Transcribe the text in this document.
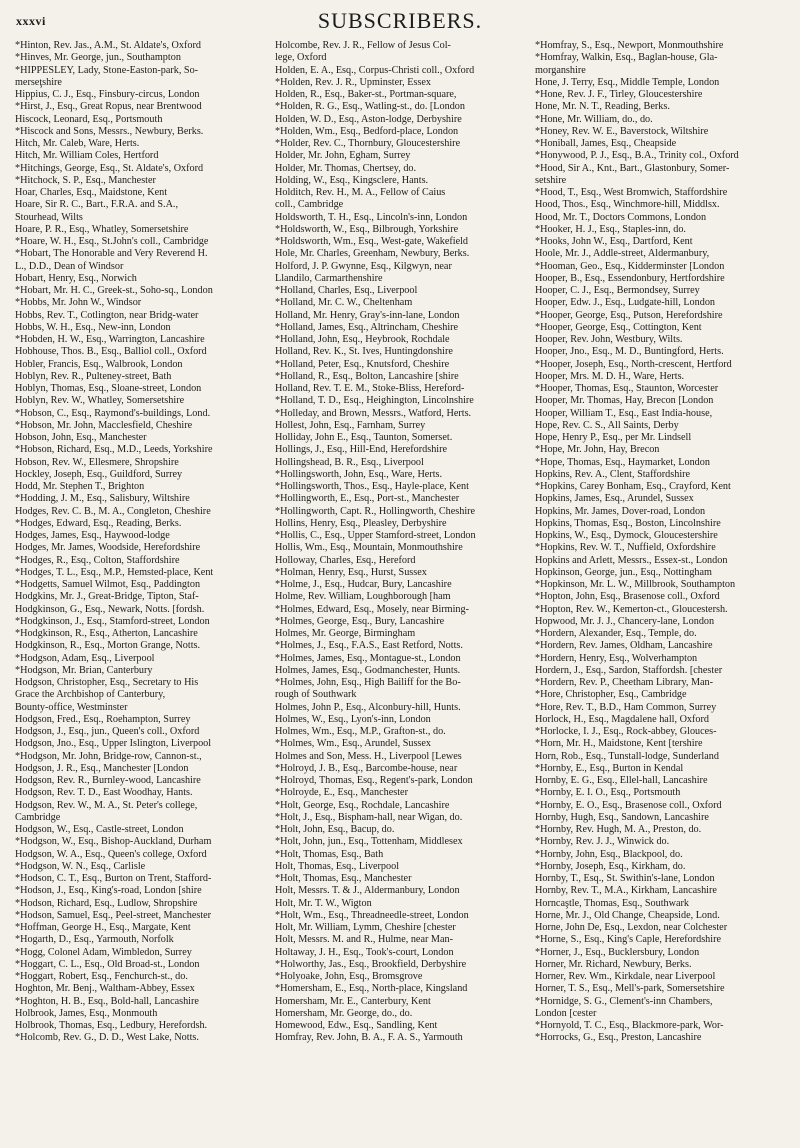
xxxvi	SUBSCRIBERS.
*Hinton, Rev. Jas., A.M., St. Aldate's, Oxford
*Hinves, Mr. George, jun., Southampton
*HIPPESLEY, Lady, Stone-Easton-park, So-
merseţshire
Hippius, C. J., Esq., Finsbury-circus, London
*Hirst, J., Esq., Great Ropus, near Brentwood
Hiscock, Leonard, Esq., Portsmouth
*Hiscock and Sons, Messrs., Newbury, Berks.
Hitch, Mr. Caleb, Ware, Herts.
Hitch, Mr. William Coles, Hertford
*Hitchings, George, Esq., St. Aldate's, Oxford
*Hitchock, S. P., Esq., Manchester
Hoar, Charles, Esq., Maidstone, Kent
Hoare, Sir R. C., Bart., F.R.A. and S.A.,
Stourhead, Wilts
Hoare, P. R., Esq., Whatley, Somersetshire
*Hoare, W. H., Esq., St.John's coll., Cambridge
*Hobart, The Honorable and Very Reverend H.
L., D.D., Dean of Windsor
Hobart, Henry, Esq., Norwich
*Hobart, Mr. H. C., Greek-st., Soho-sq., London
*Hobbs, Mr. John W., Windsor
Hobbs, Rev. T., Cotlington, near Bridg-water
Hobbs, W. H., Esq., New-inn, London
*Hobden, H. W., Esq., Warrington, Lancashire
Hobhouse, Thos. B., Esq., Balliol coll., Oxford
Hobler, Francis, Esq., Walbrook, London
Hoblyn, Rev. R., Pulteney-street, Bath
Hoblyn, Thomas, Esq., Sloane-street, London
Hoblyn, Rev. W., Whatley, Somersetshire
*Hobson, C., Esq., Raymond's-buildings, Lond.
*Hobson, Mr. John, Macclesfield, Cheshire
Hobson, John, Esq., Manchester
*Hobson, Richard, Esq., M.D., Leeds, Yorkshire
Hobson, Rev. W., Ellesmere, Shropshire
Hockley, Joseph, Esq., Guildford, Surrey
Hodd, Mr. Stephen T., Brighton
*Hodding, J. M., Esq., Salisbury, Wiltshire
Hodges, Rev. C. B., M. A., Congleton, Cheshire
*Hodges, Edward, Esq., Reading, Berks.
Hodges, James, Esq., Haywood-lodge
Hodges, Mr. James, Woodside, Herefordshire
*Hodges, R., Esq., Colton, Staffordshire
*Hodges, T. L., Esq., M.P., Hemsted-place, Kent
*Hodgetts, Samuel Wilmot, Esq., Paddington
Hodgkins, Mr. J., Great-Bridge, Tipton, Staf-
Hodgkinson, G., Esq., Newark, Notts. [fordsh.
*Hodgkinson, J., Esq., Stamford-street, London
*Hodgkinson, R., Esq., Atherton, Lancashire
Hodgkinson, R., Esq., Morton Grange, Notts.
*Hodgson, Adam, Esq., Liverpool
*Hodgson, Mr. Brian, Canterbury
Hodgson, Christopher, Esq., Secretary to His
Grace the Archbishop of Canterbury,
Bounty-office, Westminster
Hodgson, Fred., Esq., Roehampton, Surrey
Hodgson, J., Esq., jun., Queen's coll., Oxford
Hodgson, Jno., Esq., Upper Islington, Liverpool
*Hodgson, Mr. John, Bridge-row, Cannon-st.,
Hodgson, J. R., Esq., Manchester [London
Hodgson, Rev. R., Burnley-wood, Lancashire
Hodgson, Rev. T. D., East Woodhay, Hants.
Hodgson, Rev. W., M. A., St. Peter's college,
Cambridge
Hodgson, W., Esq., Castle-street, London
*Hodgson, W., Esq., Bishop-Auckland, Durham
Hodgson, W. A., Esq., Queen's college, Oxford
*Hodgson, W. N., Esq., Carlisle
*Hodson, C. T., Esq., Burton on Trent, Stafford-
*Hodson, J., Esq., King's-road, London [shire
*Hodson, Richard, Esq., Ludlow, Shropshire
*Hodson, Samuel, Esq., Peel-street, Manchester
*Hoffman, George H., Esq., Margate, Kent
*Hogarth, D., Esq., Yarmouth, Norfolk
*Hogg, Colonel Adam, Wimbledon, Surrey
*Hoggart, C. L., Esq., Old Broad-st., London
*Hoggart, Robert, Esq., Fenchurch-st., do.
Hoghton, Mr. Benj., Waltham-Abbey, Essex
*Hoghton, H. B., Esq., Bold-hall, Lancashire
Holbrook, James, Esq., Monmouth
Holbrook, Thomas, Esq., Ledbury, Herefordsh.
*Holcomb, Rev. G., D. D., West Lake, Notts.
Holcombe, Rev. J. R., Fellow of Jesus Col-
lege, Oxford
Holden, E. A., Esq., Corpus-Christi coll., Oxford
*Holden, Rev. J. R., Upminster, Essex
Holden, R., Esq., Baker-st., Portman-square,
*Holden, R. G., Esq., Watling-st., do. [London
Holden, W. D., Esq., Aston-lodge, Derbyshire
*Holden, Wm., Esq., Bedford-place, London
*Holder, Rev. C., Thornbury, Gloucestershire
Holder, Mr. John, Egham, Surrey
Holder, Mr. Thomas, Chertsey, do.
Holding, W., Esq., Kingsclere, Hants.
Holditch, Rev. H., M. A., Fellow of Caius
coll., Cambridge
Holdsworth, T. H., Esq., Lincoln's-inn, London
*Holdsworth, W., Esq., Bilbrough, Yorkshire
*Holdsworth, Wm., Esq., West-gate, Wakefield
Hole, Mr. Charles, Greenham, Newbury, Berks.
Holford, J. P. Gwynne, Esq., Kilgwyn, near
Llandilo, Carmarthenshire
*Holland, Charles, Esq., Liverpool
*Holland, Mr. C. W., Cheltenham
Holland, Mr. Henry, Gray's-inn-lane, London
*Holland, James, Esq., Altrincham, Cheshire
*Holland, John, Esq., Heybrook, Rochdale
Holland, Rev. K., St. Ives, Huntingdonshire
*Holland, Peter, Esq., Knutsford, Cheshire
*Holland, R., Esq., Bolton, Lancashire [shire
Holland, Rev. T. E. M., Stoke-Bliss, Hereford-
*Holland, T. D., Esq., Heighington, Lincolnshire
*Holleday, and Brown, Messrs., Watford, Herts.
Hollest, John, Esq., Farnham, Surrey
Holliday, John E., Esq., Taunton, Somerset.
Hollings, J., Esq., Hill-End, Herefordshire
Hollingshead, B. R., Esq., Liverpool
*Hollingsworth, John, Esq., Ware, Herts.
*Hollingsworth, Thos., Esq., Hayle-place, Kent
*Hollingworth, E., Esq., Port-st., Manchester
*Hollingworth, Capt. R., Hollingworth, Cheshire
Hollins, Henry, Esq., Pleasley, Derbyshire
*Hollis, C., Esq., Upper Stamford-street, London
Hollis, Wm., Esq., Mountain, Monmouthshire
Holloway, Charles, Esq., Hereford
*Holman, Henry, Esq., Hurst, Sussex
*Holme, J., Esq., Hudcar, Bury, Lancashire
Holme, Rev. William, Loughborough [ham
*Holmes, Edward, Esq., Mosely, near Birming-
*Holmes, George, Esq., Bury, Lancashire
Holmes, Mr. George, Birmingham
*Holmes, J., Esq., F.A.S., East Retford, Notts.
*Holmes, James, Esq., Montague-st., London
Holmes, James, Esq., Godmanchester, Hunts.
*Holmes, John, Esq., High Bailiff for the Bo-
rough of Southwark
Holmes, John P., Esq., Alconbury-hill, Hunts.
Holmes, W., Esq., Lyon's-inn, London
Holmes, Wm., Esq., M.P., Grafton-st., do.
*Holmes, Wm., Esq., Arundel, Sussex
Holmes and Son, Mess. H., Liverpool [Lewes
*Holroyd, J. B., Esq., Barcombe-house, near
*Holroyd, Thomas, Esq., Regent's-park, London
*Holroyde, E., Esq., Manchester
*Holt, George, Esq., Rochdale, Lancashire
*Holt, J., Esq., Bispham-hall, near Wigan, do.
*Holt, John, Esq., Bacup, do.
*Holt, John, jun., Esq., Tottenham, Middlesex
*Holt, Thomas, Esq., Bath
Holt, Thomas, Esq., Liverpool
*Holt, Thomas, Esq., Manchester
Holt, Messrs. T. & J., Aldermanbury, London
Holt, Mr. T. W., Wigton
*Holt, Wm., Esq., Threadneedle-street, London
Holt, Mr. William, Lymm, Cheshire [chester
Holt, Messrs. M. and R., Hulme, near Man-
Holtaway, J. H., Esq., Took's-court, London
*Holworthy, Jas., Esq., Brookfield, Derbyshire
*Holyoake, John, Esq., Bromsgrove
*Homersham, E., Esq., North-place, Kingsland
Homersham, Mr. E., Canterbury, Kent
Homersham, Mr. George, do., do.
Homewood, Edw., Esq., Sandling, Kent
Homfray, Rev. John, B. A., F. A. S., Yarmouth
*Homfray, S., Esq., Newport, Monmouthshire
*Homfray, Walkin, Esq., Baglan-house, Gla-
morganshire
Hone, J. Terry, Esq., Middle Temple, London
*Hone, Rev. J. F., Tirley, Gloucestershire
Hone, Mr. N. T., Reading, Berks.
*Hone, Mr. William, do., do.
*Honey, Rev. W. E., Baverstock, Wiltshire
*Honiball, James, Esq., Cheapside
*Honywood, P. J., Esq., B.A., Trinity col., Oxford
*Hood, Sir A., Knt., Bart., Glastonbury, Somer-
setshire
*Hood, T., Esq., West Bromwich, Staffordshire
Hood, Thos., Esq., Winchmore-hill, Middlsx.
Hood, Mr. T., Doctors Commons, London
*Hooker, H. J., Esq., Staples-inn, do.
*Hooks, John W., Esq., Dartford, Kent
Hoole, Mr. J., Addle-street, Aldermanbury,
*Hooman, Geo., Esq., Kidderminster [London
Hooper, B., Esq., Essendonbury, Hertfordshire
Hooper, C. J., Esq., Bermondsey, Surrey
Hooper, Edw. J., Esq., Ludgate-hill, London
*Hooper, George, Esq., Putson, Herefordshire
*Hooper, George, Esq., Cottington, Kent
Hooper, Rev. John, Westbury, Wilts.
Hooper, Jno., Esq., M. D., Buntingford, Herts.
*Hooper, Joseph, Esq., North-crescent, Hertford
Hooper, Mrs. M. D. H., Ware, Herts.
*Hooper, Thomas, Esq., Staunton, Worcester
Hooper, Mr. Thomas, Hay, Brecon [London
Hooper, William T., Esq., East India-house,
Hope, Rev. C. S., All Saints, Derby
Hope, Henry P., Esq., per Mr. Lindsell
*Hope, Mr. John, Hay, Brecon
*Hope, Thomas, Esq., Haymarket, London
Hopkins, Rev. A., Clent, Staffordshire
*Hopkins, Carey Bonham, Esq., Crayford, Kent
Hopkins, James, Esq., Arundel, Sussex
Hopkins, Mr. James, Dover-road, London
Hopkins, Thomas, Esq., Boston, Lincolnshire
Hopkins, W., Esq., Dymock, Gloucestershire
*Hopkins, Rev. W. T., Nuffield, Oxfordshire
Hopkins and Arlett, Messrs., Essex-st., London
Hopkinson, George, jun., Esq., Nottingham
*Hopkinson, Mr. L. W., Millbrook, Southampton
*Hopton, John, Esq., Brasenose coll., Oxford
*Hopton, Rev. W., Kemerton-ct., Gloucestersh.
Hopwood, Mr. J. J., Chancery-lane, London
*Hordern, Alexander, Esq., Temple, do.
*Hordern, Rev. James, Oldham, Lancashire
*Hordern, Henry, Esq., Wolverhampton
Hordern, J., Esq., Sardon, Staffordsh. [chester
*Hordern, Rev. P., Cheetham Library, Man-
*Hore, Christopher, Esq., Cambridge
*Hore, Rev. T., B.D., Ham Common, Surrey
Horlock, H., Esq., Magdalene hall, Oxford
*Horlocke, I. J., Esq., Rock-abbey, Glouces-
*Horn, Mr. H., Maidstone, Kent [tershire
Horn, Rob., Esq., Tunstall-lodge, Sunderland
*Hornby, E., Esq., Burton in Kendal
Hornby, E. G., Esq., Ellel-hall, Lancashire
*Hornby, E. I. O., Esq., Portsmouth
*Hornby, E. O., Esq., Brasenose coll., Oxford
Hornby, Hugh, Esq., Sandown, Lancashire
*Hornby, Rev. Hugh, M. A., Preston, do.
*Hornby, Rev. J. J., Winwick do.
*Hornby, John, Esq., Blackpool, do.
*Hornby, Joseph, Esq., Kirkham, do.
Hornby, T., Esq., St. Swithin's-lane, London
Hornby, Rev. T., M.A., Kirkham, Lancashire
Horncaştle, Thomas, Esq., Southwark
Horne, Mr. J., Old Change, Cheapside, Lond.
Horne, John De, Esq., Lexdon, near Colchester
*Horne, S., Esq., King's Caple, Herefordshire
*Horner, J., Esq., Bucklersbury, London
Horner, Mr. Richard, Newbury, Berks.
Horner, Rev. Wm., Kirkdale, near Liverpool
Horner, T. S., Esq., Mell's-park, Somersetshire
*Hornidge, S. G., Clement's-inn Chambers,
London [cester
*Hornyold, T. C., Esq., Blackmore-park, Wor-
*Horrocks, G., Esq., Preston, Lancashire
